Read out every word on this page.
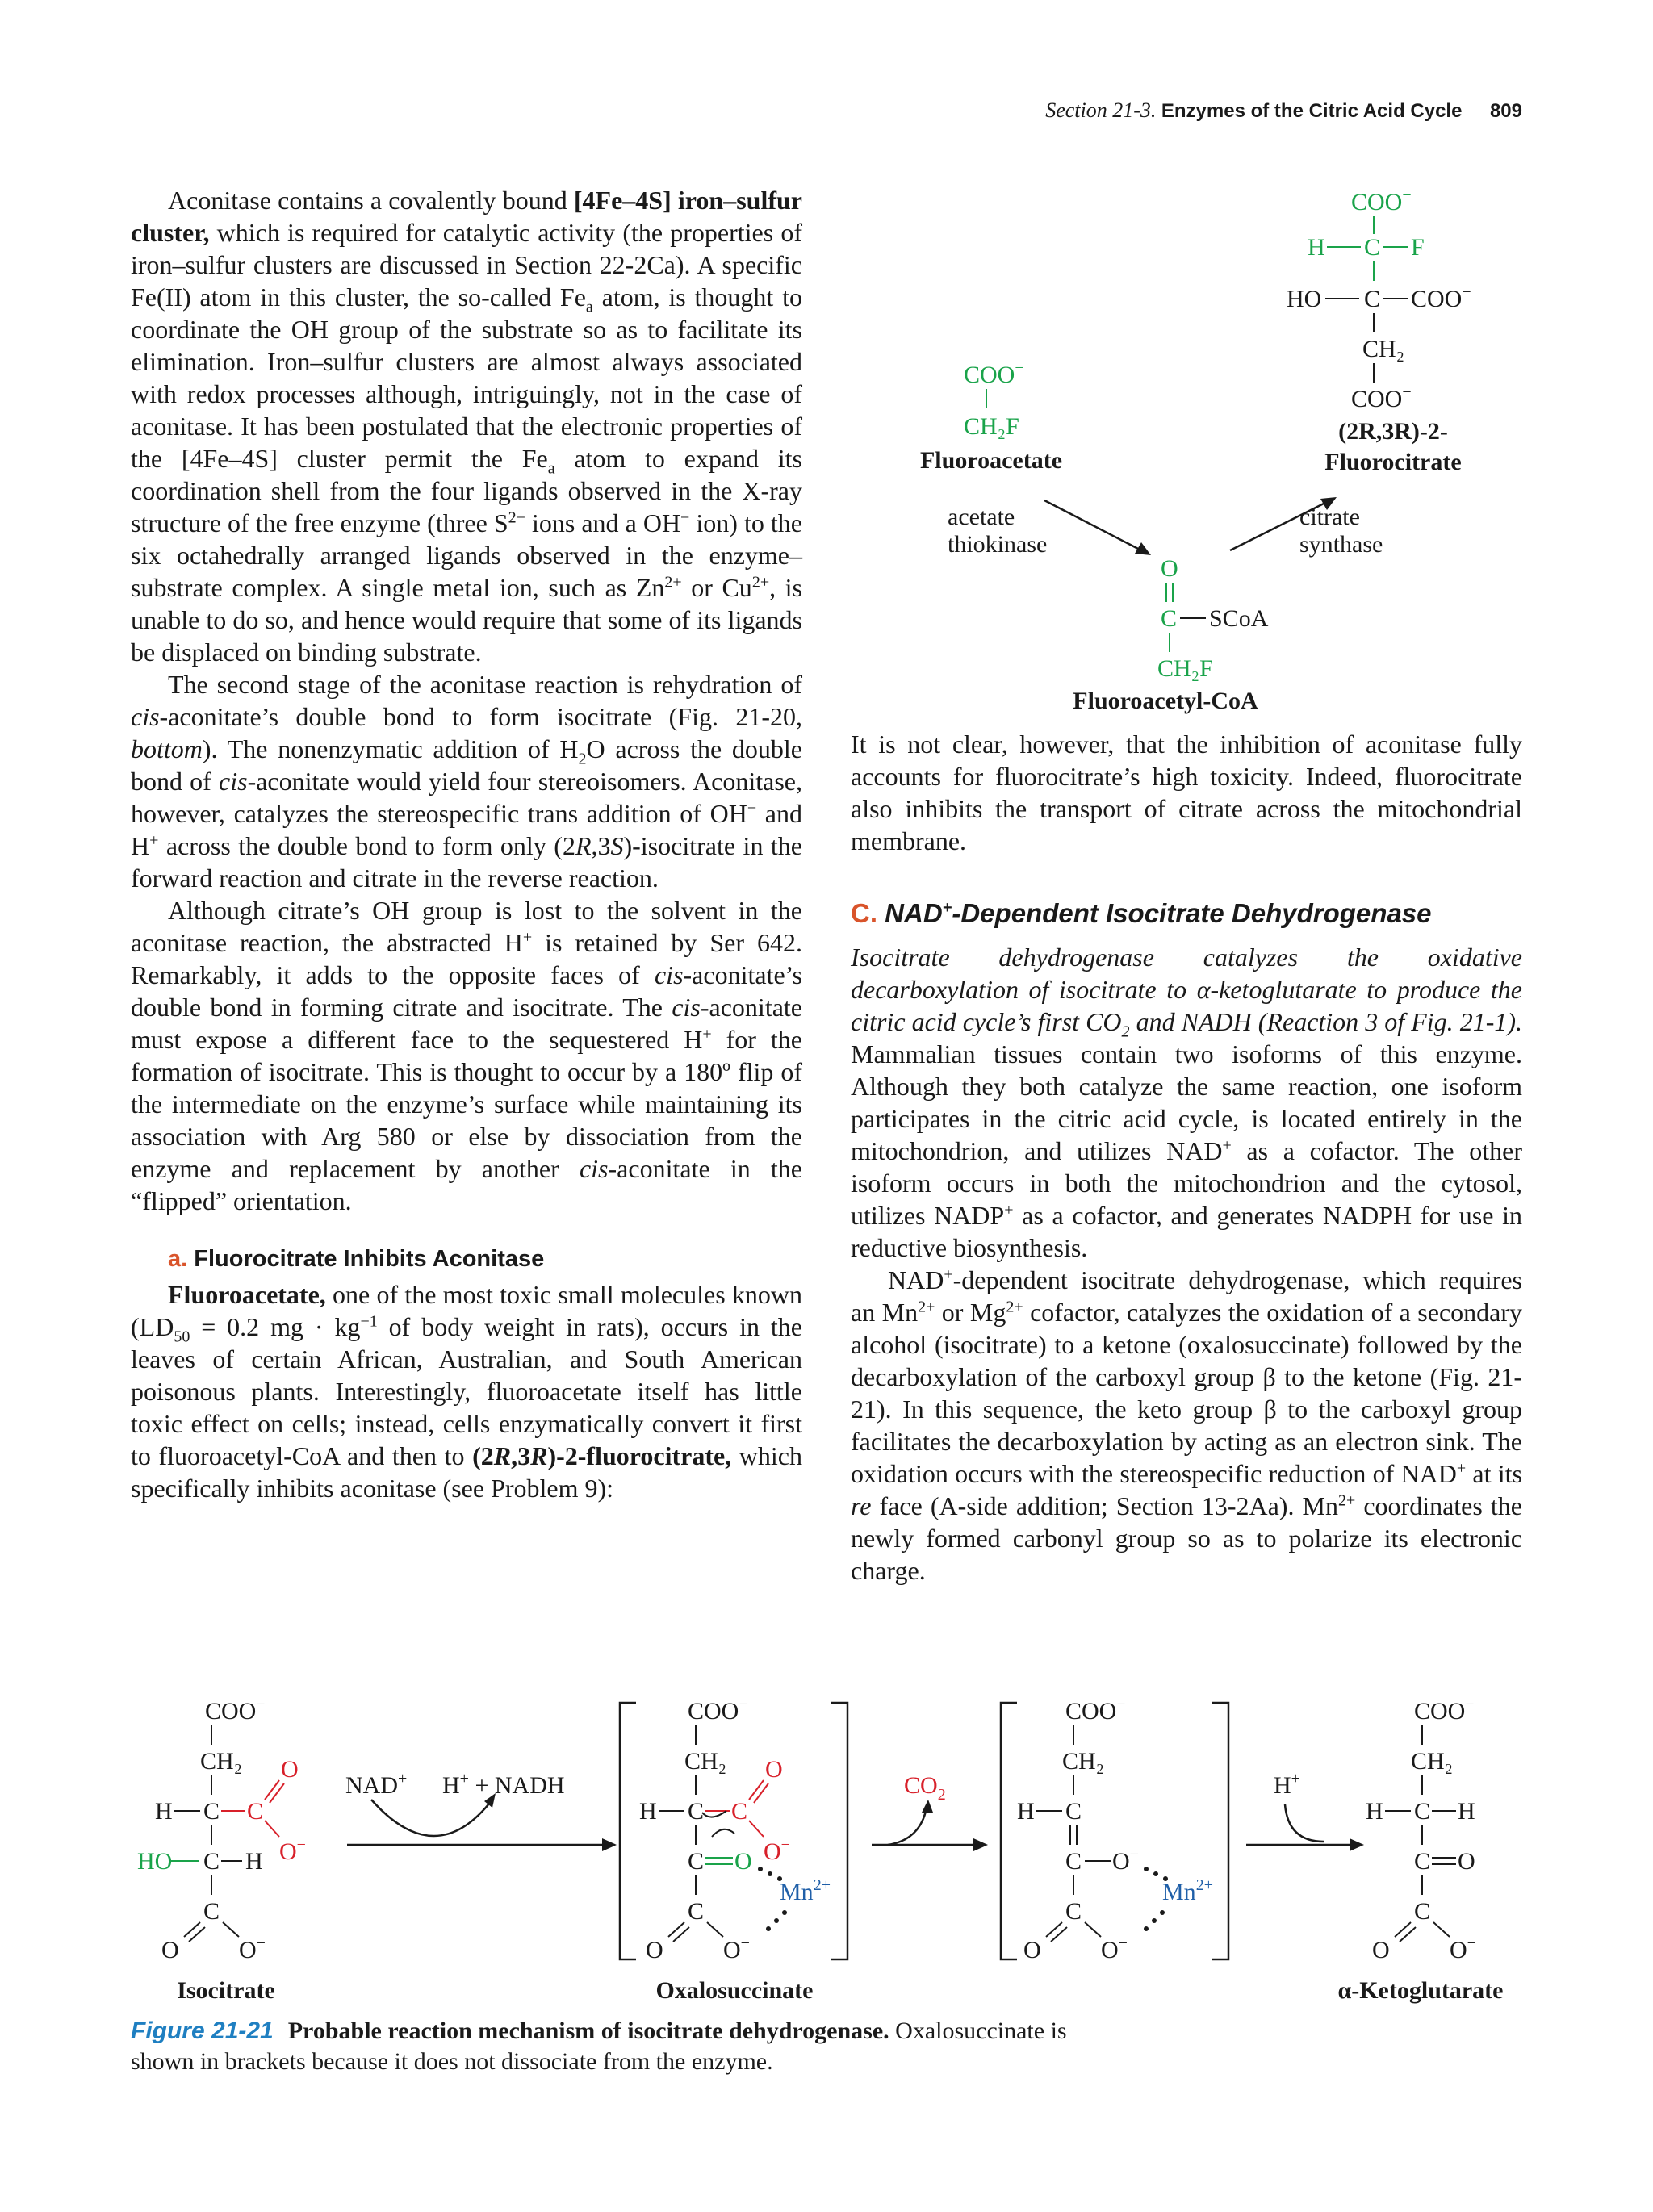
Section 21-3. Enzymes of the Citric Acid Cycle 809

Aconitase contains a covalently bound [4Fe–4S] iron–sulfur cluster, which is required for catalytic activity (the properties of iron–sulfur clusters are discussed in Section 22-2Ca). A specific Fe(II) atom in this cluster, the so-called $Fe_a$ atom, is thought to coordinate the OH group of the substrate so as to facilitate its elimination. Iron–sulfur clusters are almost always associated with redox processes although, intriguingly, not in the case of aconitase. It has been postulated that the electronic properties of the [4Fe–4S] cluster permit the $Fe_a$ atom to expand its coordination shell from the four ligands observed in the X-ray structure of the free enzyme (three $S^{2-}$ ions and a OH− ion) to the six octahedrally arranged ligands observed in the enzyme–substrate complex. A single metal ion, such as $Zn^{2+}$ or $Cu^{2+}$, is unable to do so, and hence would require that some of its ligands be displaced on binding substrate.

The second stage of the aconitase reaction is rehydration of cis-aconitate’s double bond to form isocitrate (Fig. 21-20, bottom). The nonenzymatic addition of $H_2O$ across the double bond of cis-aconitate would yield four stereoisomers. Aconitase, however, catalyzes the stereospecific trans addition of OH− and H+ across the double bond to form only (2R,3S)-isocitrate in the forward reaction and citrate in the reverse reaction.

Although citrate’s OH group is lost to the solvent in the aconitase reaction, the abstracted H+ is retained by Ser 642. Remarkably, it adds to the opposite faces of cis-aconitate’s double bond in forming citrate and isocitrate. The cis-aconitate must expose a different face to the sequestered H+ for the formation of isocitrate. This is thought to occur by a 180º flip of the intermediate on the enzyme’s surface while maintaining its association with Arg 580 or else by dissociation from the enzyme and replacement by another cis-aconitate in the “flipped” orientation.

a. Fluorocitrate Inhibits Aconitase

Fluoroacetate, one of the most toxic small molecules known ($LD_{50} = 0.2$ mg · $kg^{-1}$ of body weight in rats), occurs in the leaves of certain African, Australian, and South American poisonous plants. Interestingly, fluoroacetate itself has little toxic effect on cells; instead, cells enzymatically convert it first to fluoroacetyl-CoA and then to (2R,3R)-2-fluorocitrate, which specifically inhibits aconitase (see Problem 9):

COO−
H C F
HO C COO−
CH₂
COO−
(2R,3R)-2-
Fluorocitrate
COO−
CH₂F
Fluoroacetate
acetate
thiokinase
citrate
synthase
O
C SCoA
CH₂F
Fluoroacetyl-CoA

It is not clear, however, that the inhibition of aconitase fully accounts for fluorocitrate’s high toxicity. Indeed, fluorocitrate also inhibits the transport of citrate across the mitochondrial membrane.

C. NAD+-Dependent Isocitrate Dehydrogenase

Isocitrate dehydrogenase catalyzes the oxidative decarboxylation of isocitrate to α-ketoglutarate to produce the citric acid cycle’s first $CO_2$ and NADH (Reaction 3 of Fig. 21-1). Mammalian tissues contain two isoforms of this enzyme. Although they both catalyze the same reaction, one isoform participates in the citric acid cycle, is located entirely in the mitochondrion, and utilizes NAD+ as a cofactor. The other isoform occurs in both the mitochondrion and the cytosol, utilizes NADP+ as a cofactor, and generates NADPH for use in reductive biosynthesis.

NAD+-dependent isocitrate dehydrogenase, which requires an $Mn^{2+}$ or $Mg^{2+}$ cofactor, catalyzes the oxidation of a secondary alcohol (isocitrate) to a ketone (oxalosuccinate) followed by the decarboxylation of the carboxyl group β to the ketone (Fig. 21-21). In this sequence, the keto group β to the carboxyl group facilitates the decarboxylation by acting as an electron sink. The oxidation occurs with the stereospecific reduction of NAD+ at its re face (A-side addition; Section 13-2Aa). $Mn^{2+}$ coordinates the newly formed carbonyl group so as to polarize its electronic charge.

COO−
CH₂
H C C
O
O−
HO C H
C
O O−
NAD+ H+ + NADH
COO−
CH₂
H C C
O
O−
C O
$Mn^{2+}$
C
O O−
$CO_2$
COO−
CH₂
H C
C O−
$Mn^{2+}$
C
O O−
H+
COO−
CH₂
H C H
C O
C
O O−
Isocitrate	Oxalosuccinate	α-Ketoglutarate
Figure 21-21 Probable reaction mechanism of isocitrate dehydrogenase. Oxalosuccinate is shown in brackets because it does not dissociate from the enzyme.
